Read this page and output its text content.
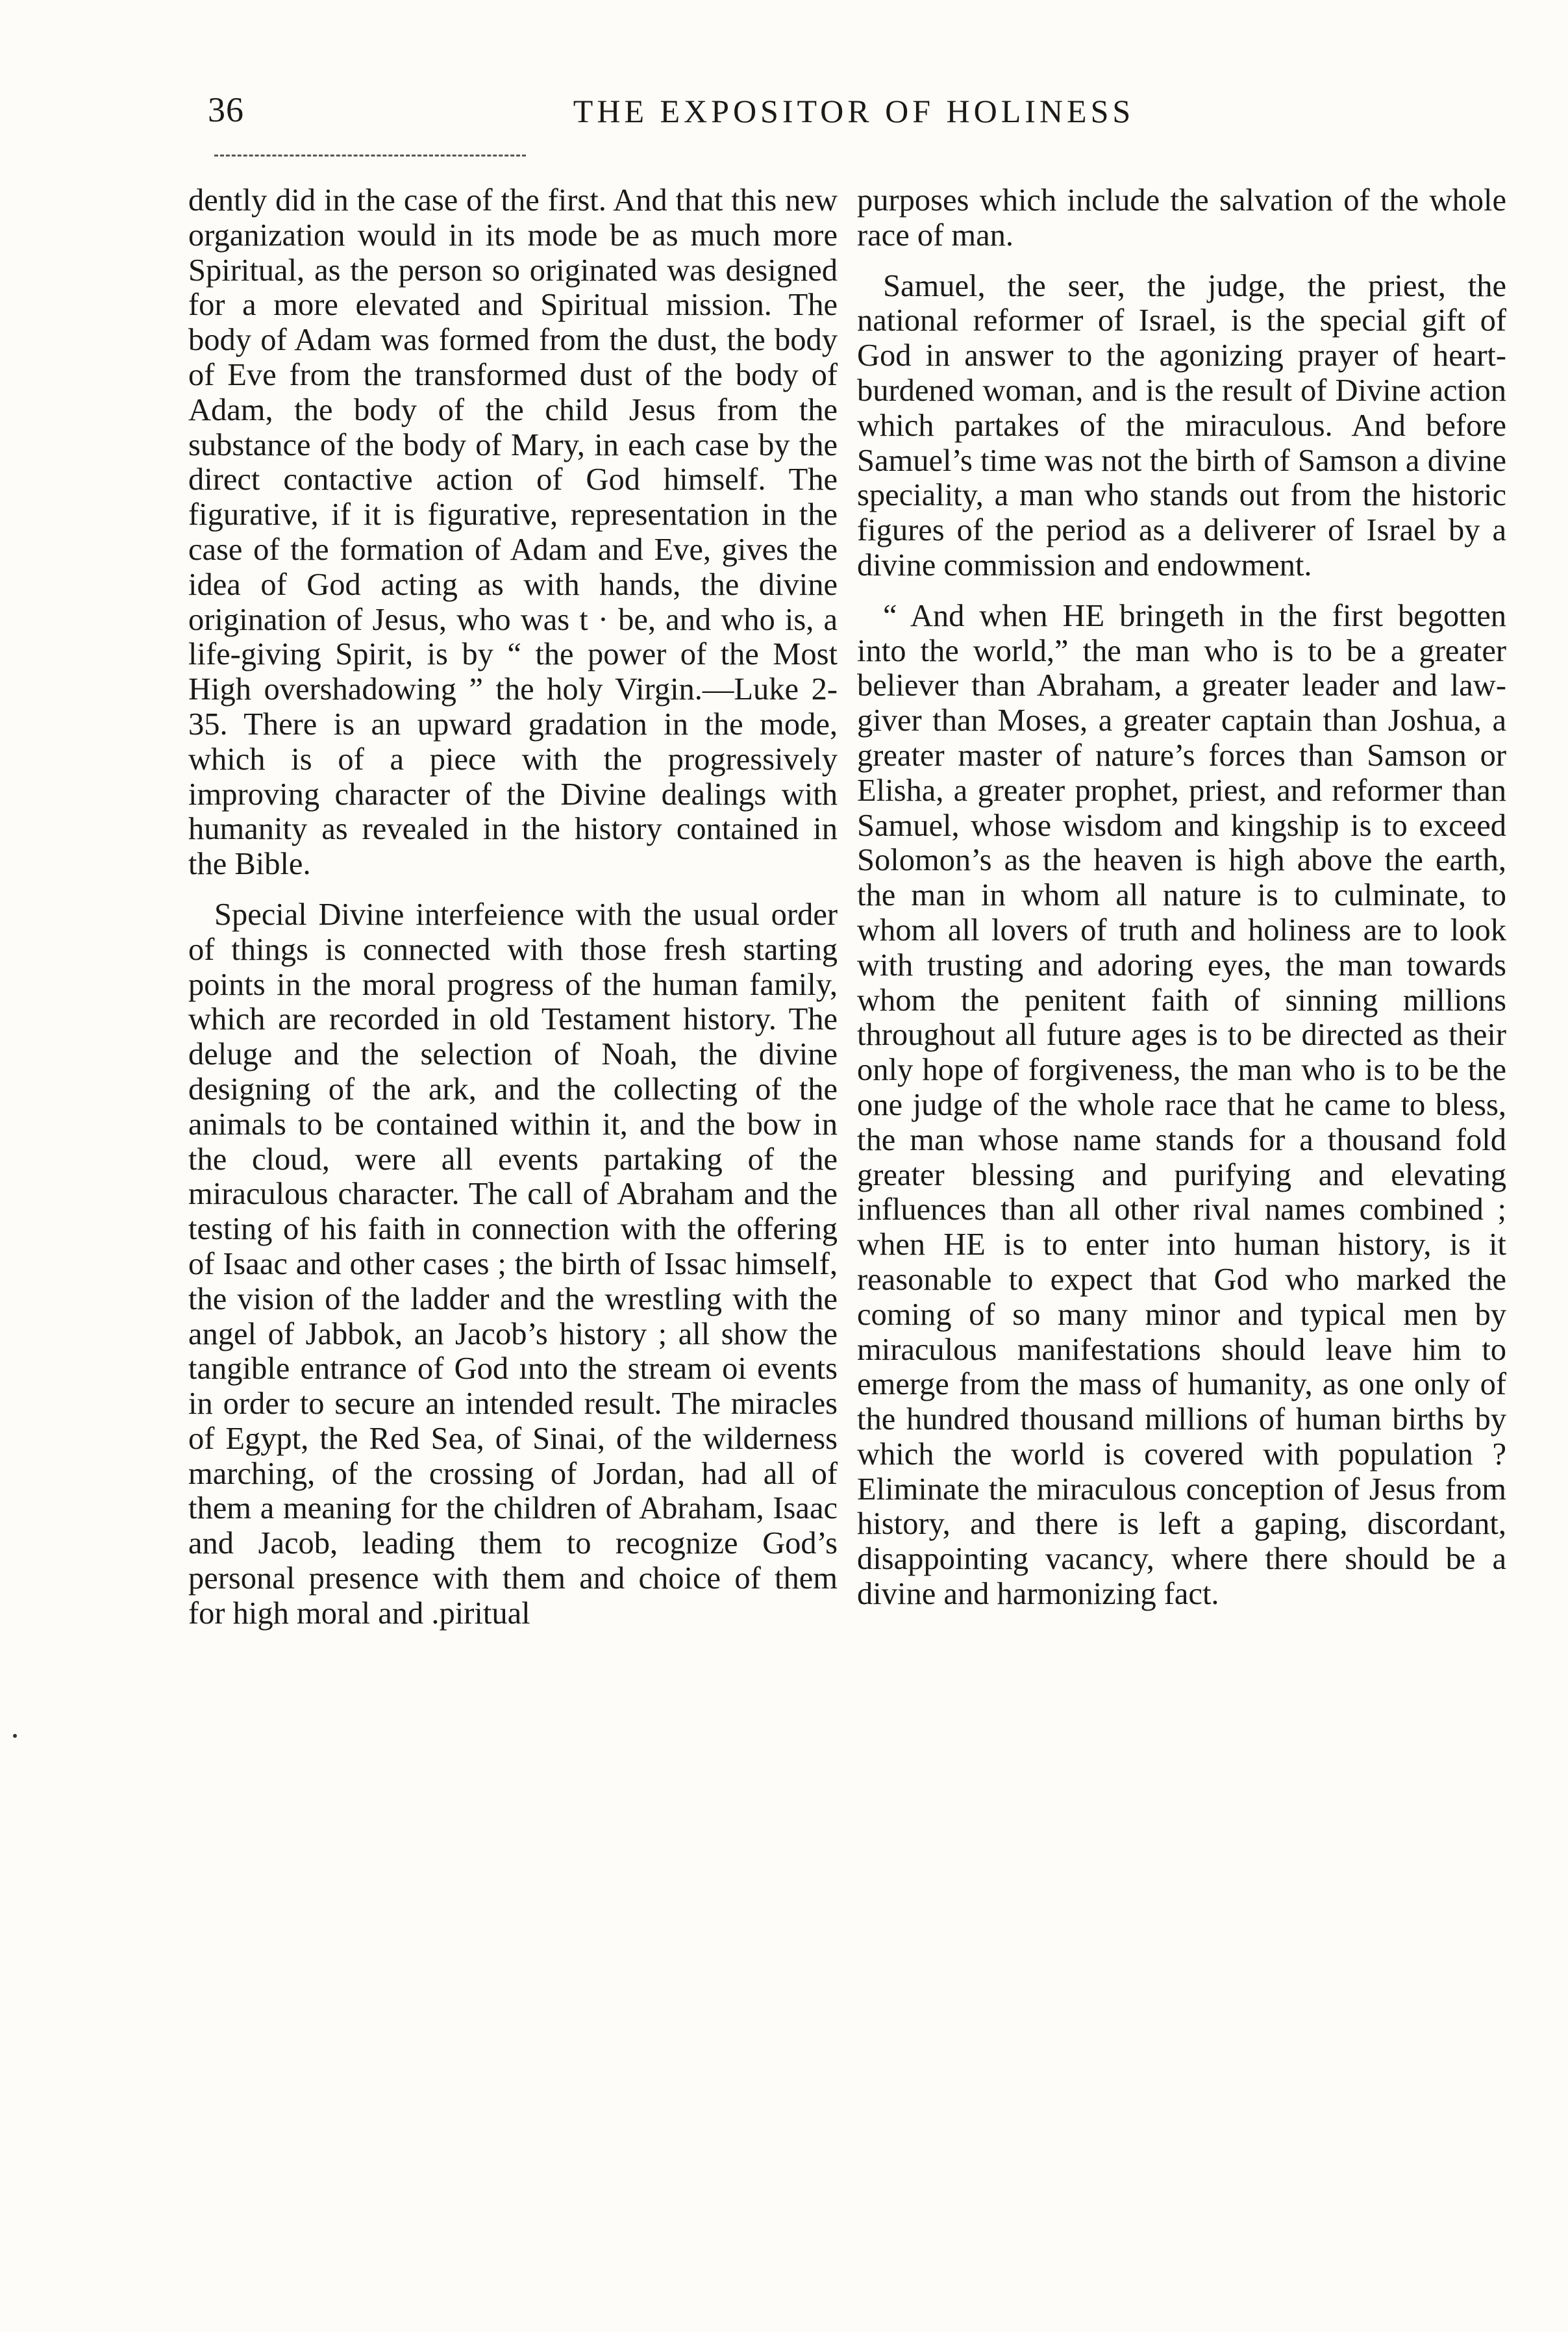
36	THE EXPOSITOR OF HOLINESS

dently did in the case of the first. And that this new organization would in its mode be as much more Spiritual, as the person so originated was designed for a more elevated and Spiritual mission. The body of Adam was formed from the dust, the body of Eve from the transformed dust of the body of Adam, the body of the child Jesus from the substance of the body of Mary, in each case by the direct contactive action of God himself. The figurative, if it is figurative, representation in the case of the formation of Adam and Eve, gives the idea of God acting as with hands, the divine origination of Jesus, who was t · be, and who is, a life-giving Spirit, is by “ the power of the Most High overshadowing ” the holy Virgin.—Luke 2-35. There is an upward gradation in the mode, which is of a piece with the progressively improving character of the Divine dealings with humanity as revealed in the history contained in the Bible.

Special Divine interfeience with the usual order of things is connected with those fresh starting points in the moral progress of the human family, which are recorded in old Testament history. The deluge and the selection of Noah, the divine designing of the ark, and the collecting of the animals to be contained within it, and the bow in the cloud, were all events partaking of the miraculous character. The call of Abraham and the testing of his faith in connection with the offering of Isaac and other cases ; the birth of Issac himself, the vision of the ladder and the wrestling with the angel of Jabbok, an Jacob’s history ; all show the tangible entrance of God ınto the stream oi events in order to secure an intended result. The miracles of Egypt, the Red Sea, of Sinai, of the wilderness marching, of the crossing of Jordan, had all of them a meaning for the children of Abraham, Isaac and Jacob, leading them to recognize God’s personal presence with them and choice of them for high moral and .piritual

purposes which include the salvation of the whole race of man.

Samuel, the seer, the judge, the priest, the national reformer of Israel, is the special gift of God in answer to the agonizing prayer of heart-burdened woman, and is the result of Divine action which partakes of the miraculous. And before Samuel’s time was not the birth of Samson a divine speciality, a man who stands out from the historic figures of the period as a deliverer of Israel by a divine commission and endowment.

“ And when HE bringeth in the first begotten into the world,” the man who is to be a greater believer than Abraham, a greater leader and law-giver than Moses, a greater captain than Joshua, a greater master of nature’s forces than Samson or Elisha, a greater prophet, priest, and reformer than Samuel, whose wisdom and kingship is to exceed Solomon’s as the heaven is high above the earth, the man in whom all nature is to culminate, to whom all lovers of truth and holiness are to look with trusting and adoring eyes, the man towards whom the penitent faith of sinning millions throughout all future ages is to be directed as their only hope of forgiveness, the man who is to be the one judge of the whole race that he came to bless, the man whose name stands for a thousand fold greater blessing and purifying and elevating influences than all other rival names combined ; when HE is to enter into human history, is it reasonable to expect that God who marked the coming of so many minor and typical men by miraculous manifestations should leave him to emerge from the mass of humanity, as one only of the hundred thousand millions of human births by which the world is covered with population ? Eliminate the miraculous conception of Jesus from history, and there is left a gaping, discordant, disappointing vacancy, where there should be a divine and harmonizing fact.
